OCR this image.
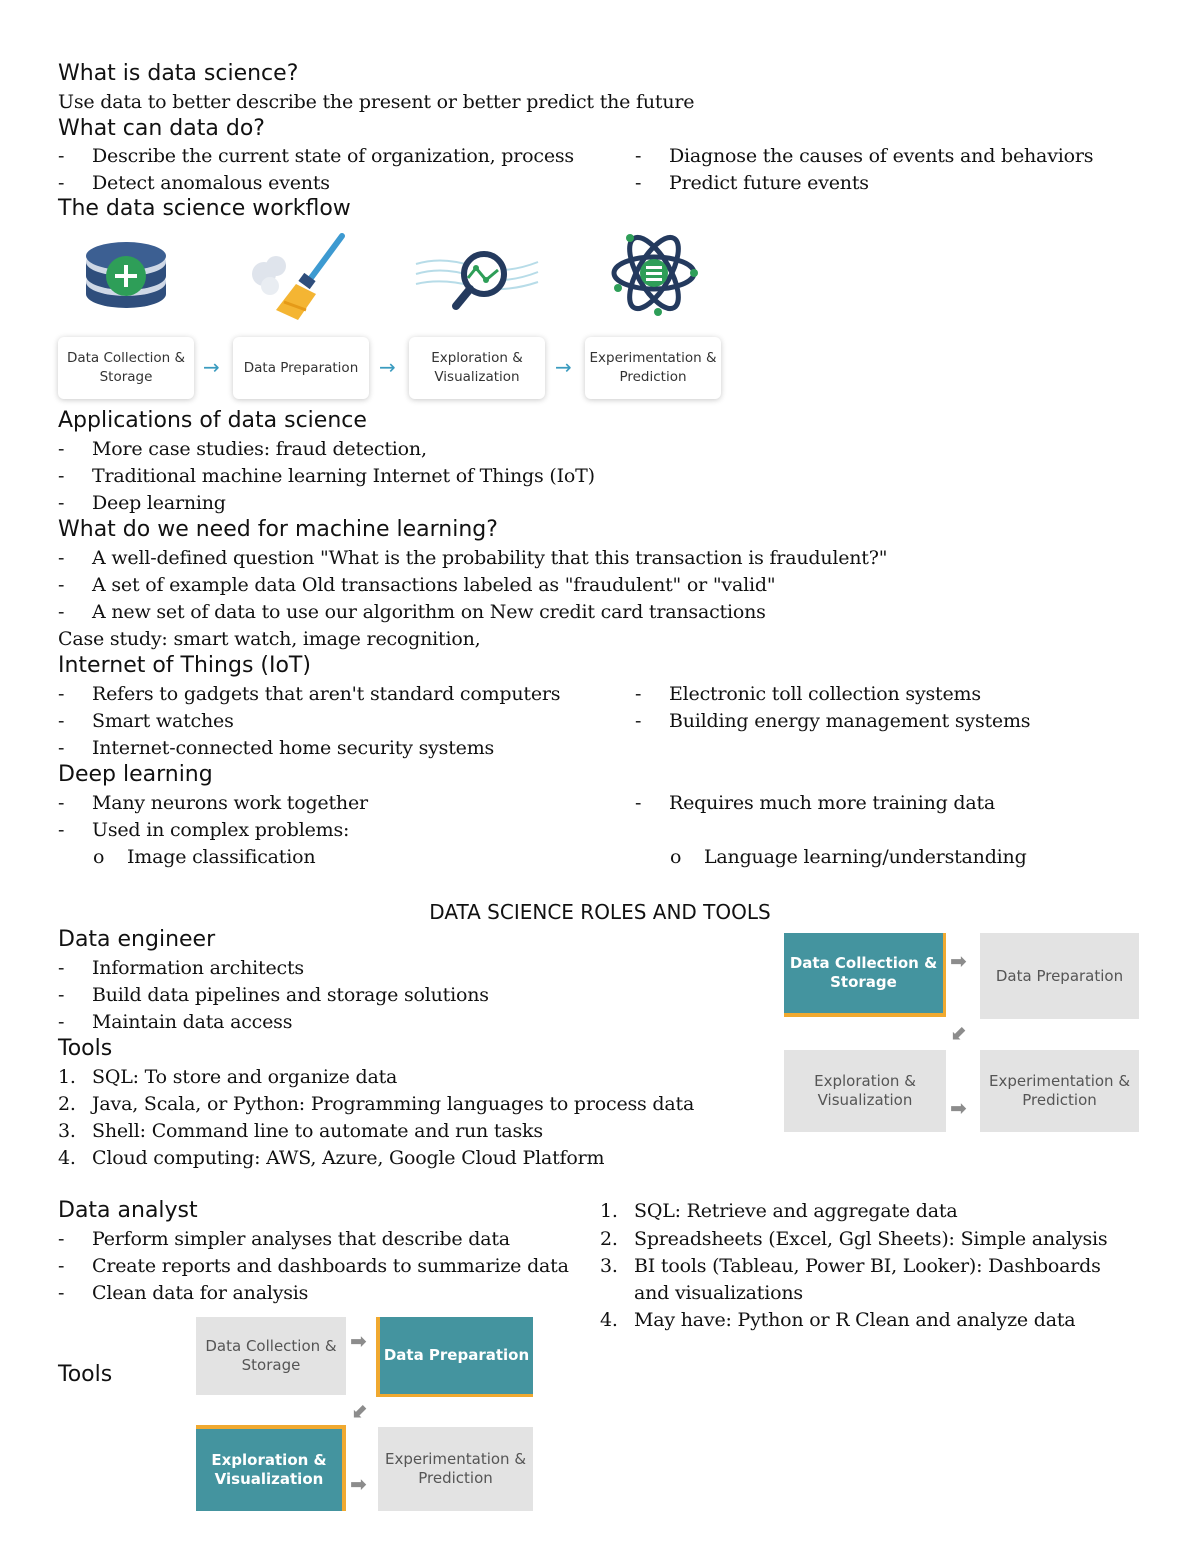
What is data science?
Use data to better describe the present or better predict the future
What can data do?
-	Describe the current state of organization, process
-	Detect anomalous events
-	Diagnose the causes of events and behaviors
-	Predict future events
The data science workflow
Data Collection &
Storage	→	Data Preparation	→	Exploration &
Visualization	→	Experimentation &
Prediction
Applications of data science
-	More case studies: fraud detection,
-	Traditional machine learning Internet of Things (IoT)
-	Deep learning
What do we need for machine learning?
-	A well-defined question "What is the probability that this transaction is fraudulent?"
-	A set of example data Old transactions labeled as "fraudulent" or "valid"
-	A new set of data to use our algorithm on New credit card transactions
Case study: smart watch, image recognition,
Internet of Things (IoT)
-	Refers to gadgets that aren't standard computers
-	Smart watches
-	Internet-connected home security systems
-	Electronic toll collection systems
-	Building energy management systems
Deep learning
-	Many neurons work together
-	Used in complex problems:
o	Image classification
-	Requires much more training data
o	Language learning/understanding
DATA SCIENCE ROLES AND TOOLS
Data engineer
-	Information architects
-	Build data pipelines and storage solutions
-	Maintain data access
Tools
1. SQL: To store and organize data
2. Java, Scala, or Python: Programming languages to process data
3. Shell: Command line to automate and run tasks
4. Cloud computing: AWS, Azure, Google Cloud Platform
Data Collection &
Storage
➡
Data Preparation
⬋
Exploration &
Visualization	➡
Experimentation &
Prediction
Data analyst
-	Perform simpler analyses that describe data
-	Create reports and dashboards to summarize data
-	Clean data for analysis
Tools
1. SQL: Retrieve and aggregate data
2. Spreadsheets (Excel, Ggl Sheets): Simple analysis
3. BI tools (Tableau, Power BI, Looker): Dashboards
and visualizations
4. May have: Python or R Clean and analyze data
Data Collection &
Storage
➡
Data Preparation
⬋
Exploration &
Visualization	➡
Experimentation &
Prediction
